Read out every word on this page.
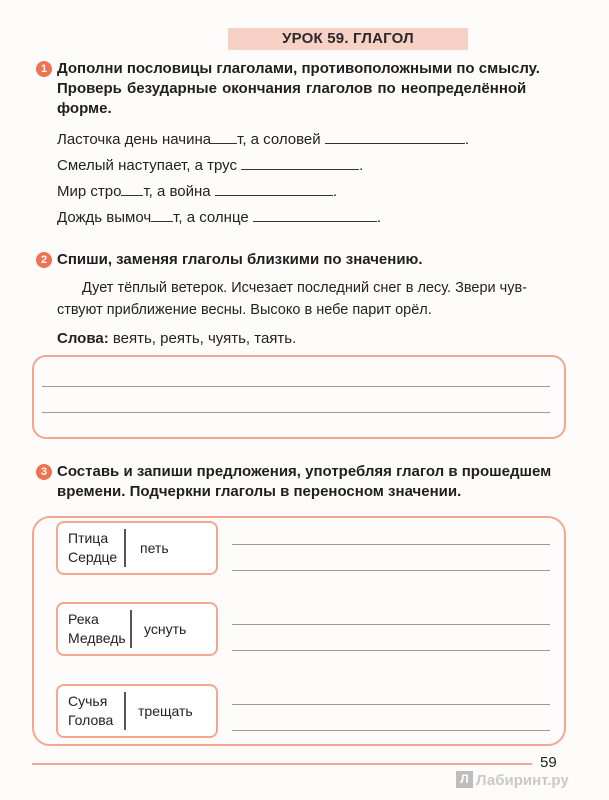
УРОК 59. ГЛАГОЛ
1 Дополни пословицы глаголами, противоположными по смыслу.
Проверь безударные окончания глаголов по неопределённой
форме.
Ласточка день начина т, а соловей	.
Смелый наступает, а трус	.
Мир стро т, а война	.
Дождь вымоч т, а солнце	.
2 Спиши, заменяя глаголы близкими по значению.
Дует тёплый ветерок. Исчезает последний снег в лесу. Звери чув-
ствуют приближение весны. Высоко в небе парит орёл.
Слова: веять, реять, чуять, таять.
3 Составь и запиши предложения, употребляя глагол в прошедшем
времени. Подчеркни глаголы в переносном значении.
Птица
Сердце
петь
Река
Медведь
уснуть
Сучья
Голова
трещать
59
Л Лабиринт.ру
